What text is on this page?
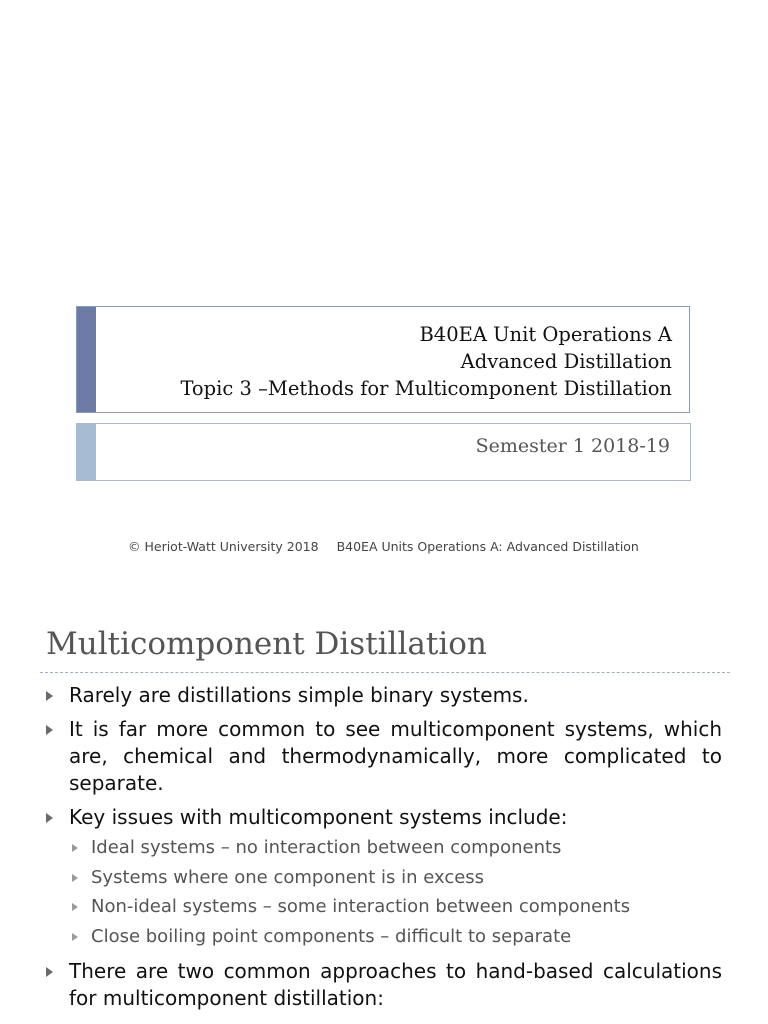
B40EA Unit Operations A
Advanced Distillation
Topic 3 –Methods for Multicomponent Distillation
Semester 1 2018-19
© Heriot-Watt University 2018 B40EA Units Operations A: Advanced Distillation
Multicomponent Distillation
Rarely are distillations simple binary systems.
It is far more common to see multicomponent systems, which are, chemical and thermodynamically, more complicated to separate.
Key issues with multicomponent systems include:
Ideal systems – no interaction between components
Systems where one component is in excess
Non-ideal systems – some interaction between components
Close boiling point components – difficult to separate
There are two common approaches to hand-based calculations for multicomponent distillation:
